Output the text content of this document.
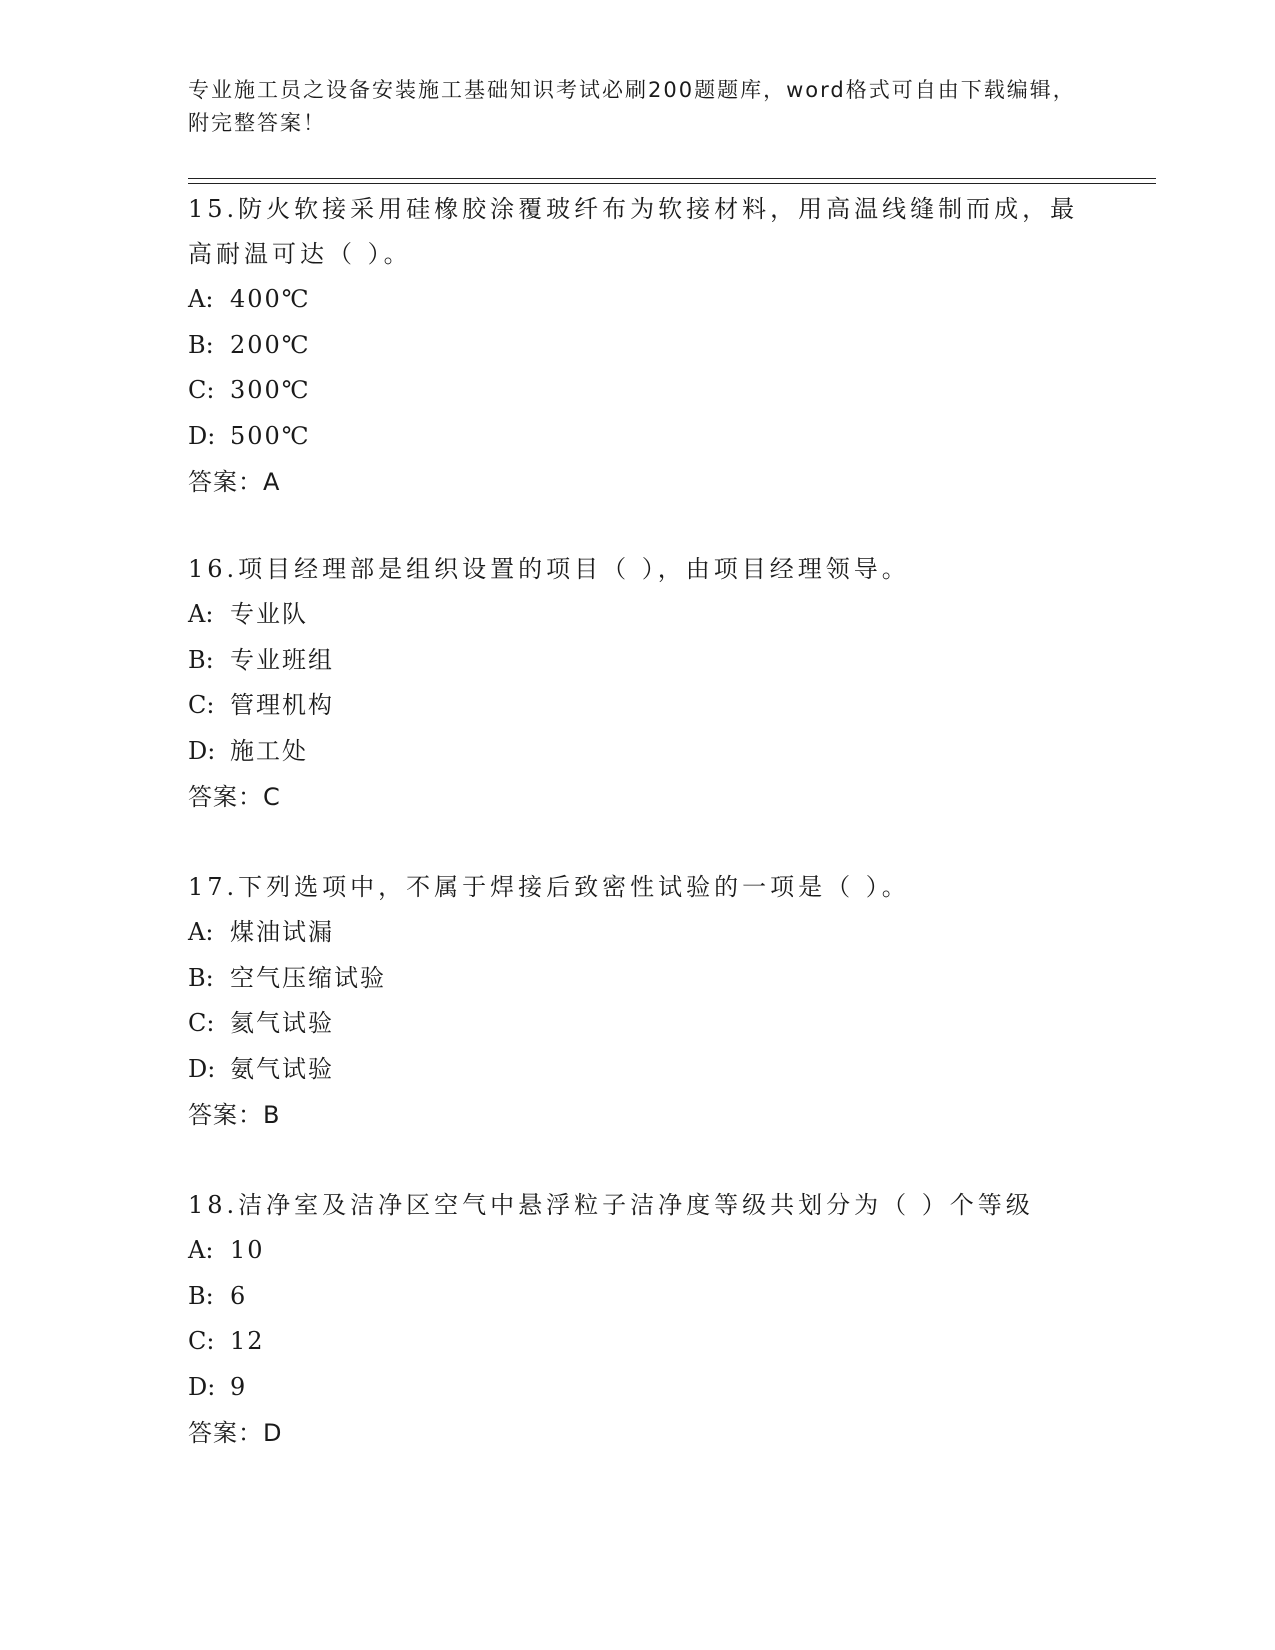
专业施工员之设备安装施工基础知识考试必刷200题题库，word格式可自由下载编辑，附完整答案！
15.防火软接采用硅橡胶涂覆玻纤布为软接材料，用高温线缝制而成，最高耐温可达（ ）。
A: 400℃
B: 200℃
C: 300℃
D: 500℃
答案：A
16.项目经理部是组织设置的项目（ ），由项目经理领导。
A: 专业队
B: 专业班组
C: 管理机构
D: 施工处
答案：C
17.下列选项中，不属于焊接后致密性试验的一项是（ ）。
A: 煤油试漏
B: 空气压缩试验
C: 氦气试验
D: 氨气试验
答案：B
18.洁净室及洁净区空气中悬浮粒子洁净度等级共划分为（ ）个等级
A: 10
B: 6
C: 12
D: 9
答案：D
